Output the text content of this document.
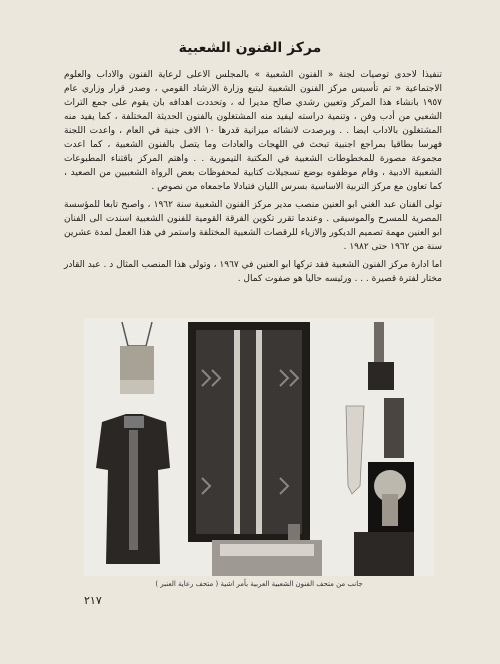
مركز الفنون الشعبية

تنفيذا لاحدى توصيات لجنة « الفنون الشعبية » بالمجلس الاعلى لرعاية الفنون والاداب والعلوم الاجتماعية « تم تأسيس مركز الفنون الشعبية ليتبع وزارة الارشاد القومي ، وصدر قرار وزاري عام ١٩٥٧ بانشاء هذا المركز وتعيين رشدي صالح مديرا له ، وتحددت اهدافه بان يقوم على جمع التراث الشعبي من أدب وفن ، وتنمية دراسته ليفيد منه المشتغلون بالفنون الحديثة المختلفة ، كما يفيد منه المشتغلون بالاداب ايضا . . وبرصدت لانشائه ميزانية قدرها ١٠ الاف جنية في العام ، واعدت اللجنة فهرسا بطاقيا بمراجع اجنبية تبحث في اللهجات والعادات وما يتصل بالفنون الشعبية ، كما اعدت مجموعة مصورة للمخطوطات الشعبية في المكتبة التيمورية . . واهتم المركز باقتناء المطبوعات الشعبية الادبية ، وقام موظفوه بوضع تسجيلات كتابية لمحفوظات بعض الرواة الشعبيين من الصعيد ، كما تعاون مع مركز التربية الاساسية بسرس الليان فتبادلا ماجمعاه من نصوص .

تولى الفنان عبد الغني ابو العنين منصب مدير مركز الفنون الشعبية سنة ١٩٦٢ ، واصبح تابعا للمؤسسة المصرية للمسرح والموسيقى . وعندما تقرر تكوين الفرقة القومية للفنون الشعبية اسندت الى الفنان ابو العنين مهمة تصميم الديكور والازياء للرقصات الشعبية المختلفة واستمر في هذا العمل لمدة عشرين سنة من ١٩٦٢ حتى ١٩٨٢ .

اما ادارة مركز الفنون الشعبية فقد تركها ابو العنين في ١٩٦٧ ، وتولى هذا المنصب المثال د . عبد القادر مختار لفترة قصيرة . . . ورئيسه حاليا هو صفوت كمال .

جانب من متحف الفنون الشعبية العربية بأمر اشية ( متحف رعاية العنبر )
٢١٧
